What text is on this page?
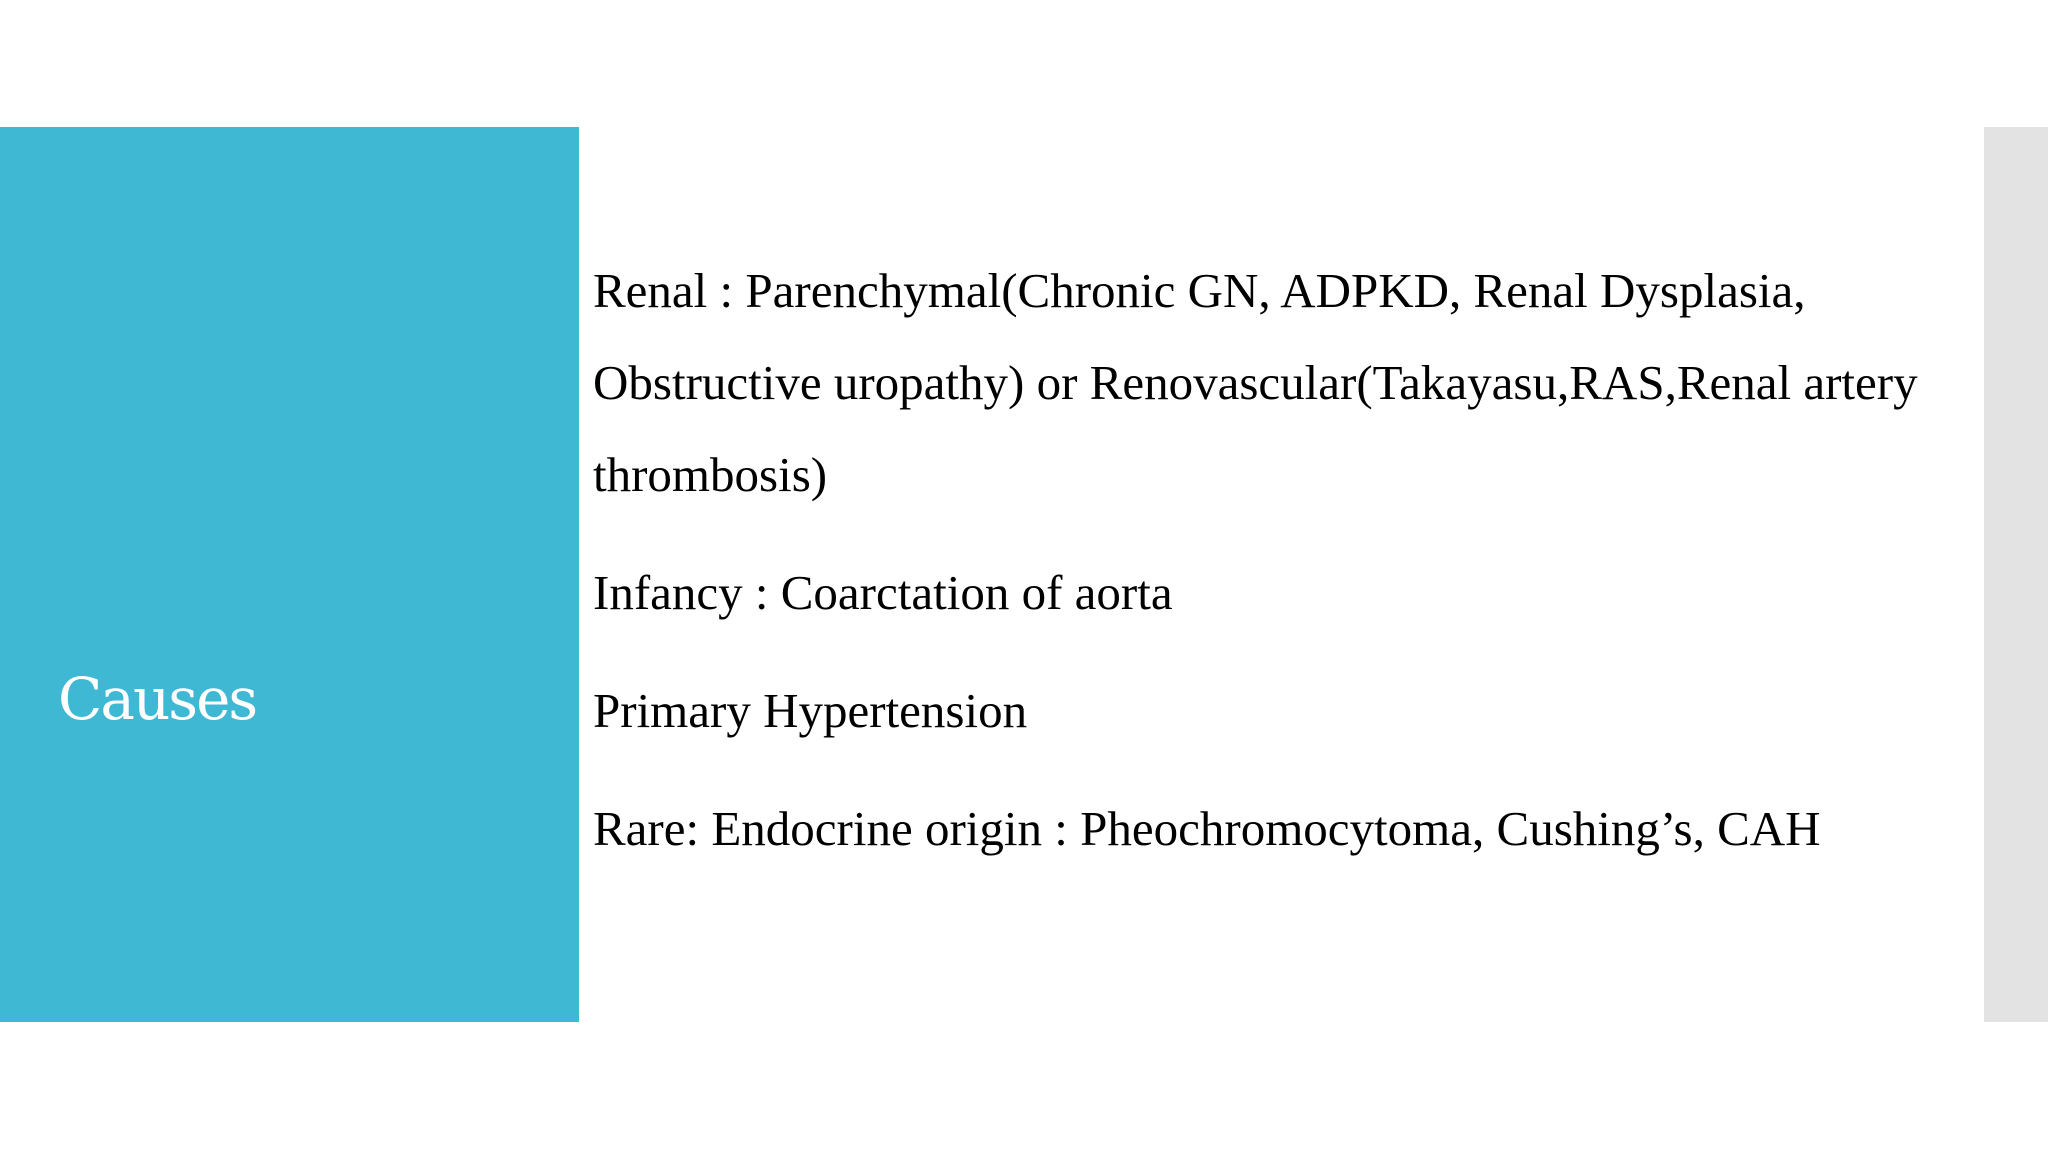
Causes
Renal : Parenchymal(Chronic GN, ADPKD, Renal Dysplasia, Obstructive uropathy) or Renovascular(Takayasu,RAS,Renal artery thrombosis)
Infancy : Coarctation of aorta
Primary Hypertension
Rare: Endocrine origin : Pheochromocytoma, Cushing’s, CAH
